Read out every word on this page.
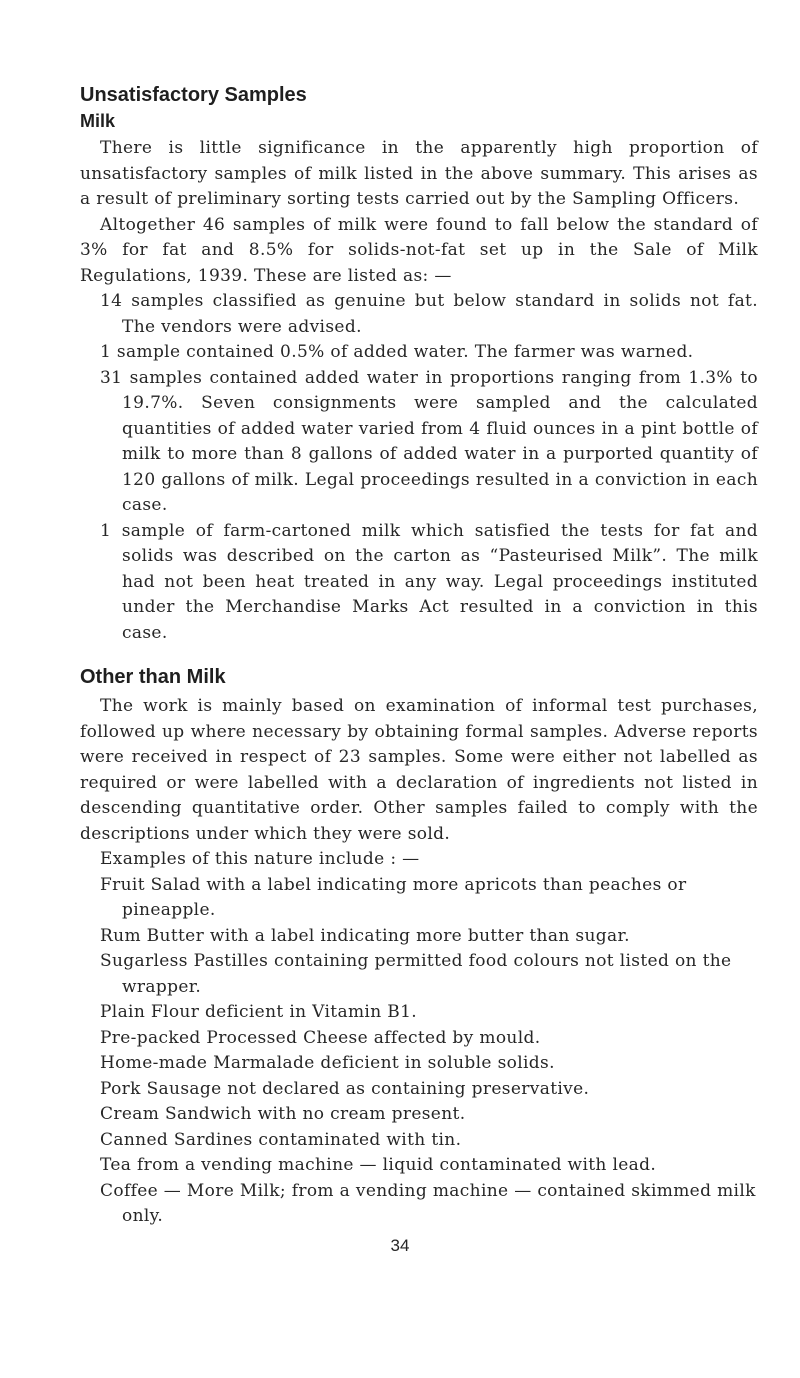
Unsatisfactory Samples
Milk

There is little significance in the apparently high proportion of unsatisfactory samples of milk listed in the above summary. This arises as a result of preliminary sorting tests carried out by the Sampling Officers.

Altogether 46 samples of milk were found to fall below the standard of 3% for fat and 8.5% for solids-not-fat set up in the Sale of Milk Regulations, 1939. These are listed as: —

14 samples classified as genuine but below standard in solids not fat. The vendors were advised.

1 sample contained 0.5% of added water. The farmer was warned.

31 samples contained added water in proportions ranging from 1.3% to 19.7%. Seven consignments were sampled and the calculated quantities of added water varied from 4 fluid ounces in a pint bottle of milk to more than 8 gallons of added water in a purported quantity of 120 gallons of milk. Legal proceedings resulted in a conviction in each case.

1 sample of farm-cartoned milk which satisfied the tests for fat and solids was described on the carton as “Pasteurised Milk”. The milk had not been heat treated in any way. Legal proceedings instituted under the Merchandise Marks Act resulted in a conviction in this case.

Other than Milk

The work is mainly based on examination of informal test purchases, followed up where necessary by obtaining formal samples. Adverse reports were received in respect of 23 samples. Some were either not labelled as required or were labelled with a declaration of ingredients not listed in descending quantitative order. Other samples failed to comply with the descriptions under which they were sold.

Examples of this nature include : —

Fruit Salad with a label indicating more apricots than peaches or pineapple.

Rum Butter with a label indicating more butter than sugar.

Sugarless Pastilles containing permitted food colours not listed on the wrapper.

Plain Flour deficient in Vitamin B1.

Pre-packed Processed Cheese affected by mould.

Home-made Marmalade deficient in soluble solids.

Pork Sausage not declared as containing preservative.

Cream Sandwich with no cream present.

Canned Sardines contaminated with tin.

Tea from a vending machine — liquid contaminated with lead.

Coffee — More Milk; from a vending machine — contained skimmed milk only.

34
